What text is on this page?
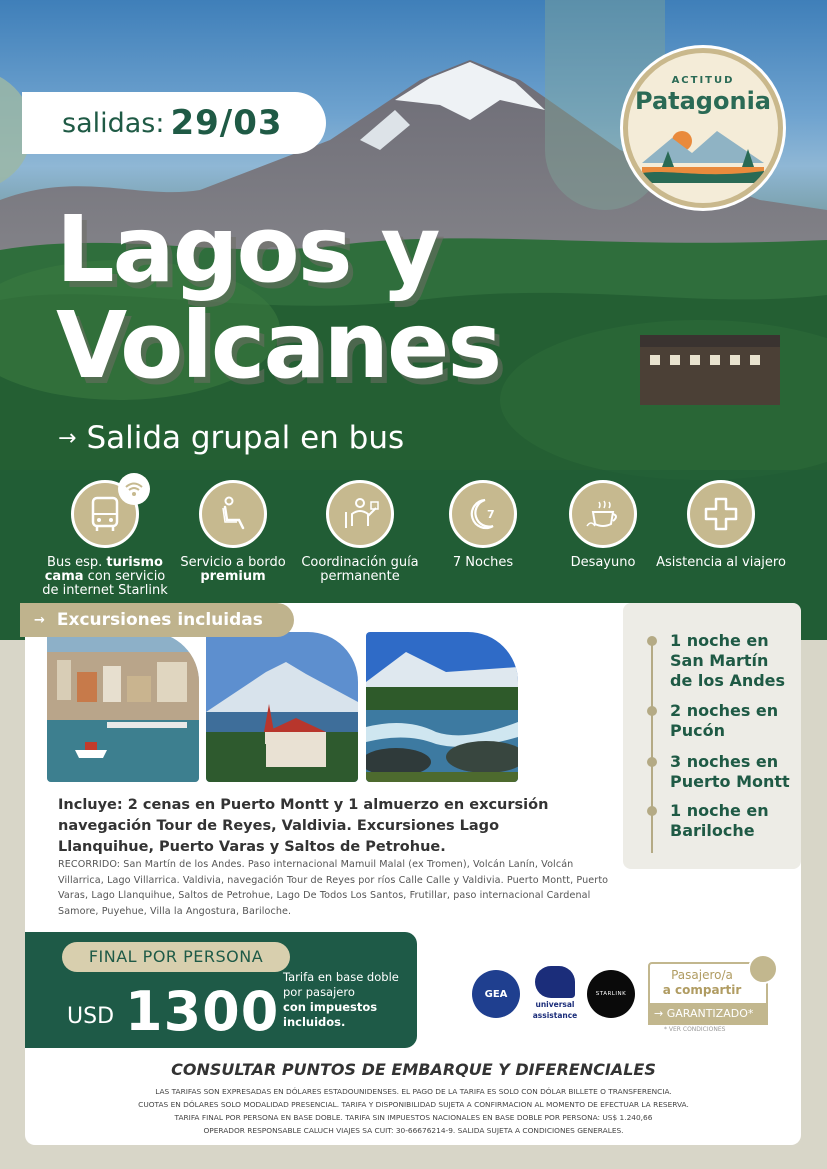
salidas: 29/03
ACTITUD
Patagonia
Lagos y
Volcanes
→ Salida grupal en bus
Bus esp. turismo cama con servicio de internet Starlink
Servicio a bordo
premium
Coordinación guía permanente
7
7 Noches	Desayuno	Asistencia al viajero
→ Excursiones incluidas
1 noche en San Martín de los Andes
2 noches en Pucón
3 noches en Puerto Montt
1 noche en Bariloche
Incluye: 2 cenas en Puerto Montt y 1 almuerzo en excursión navegación Tour de Reyes, Valdivia. Excursiones Lago Llanquihue, Puerto Varas y Saltos de Petrohue.
RECORRIDO: San Martín de los Andes. Paso internacional Mamuil Malal (ex Tromen), Volcán Lanín, Volcán Villarrica, Lago Villarrica. Valdivia, navegación Tour de Reyes por ríos Calle Calle y Valdivia. Puerto Montt, Puerto Varas, Lago Llanquihue, Saltos de Petrohue, Lago De Todos Los Santos, Frutillar, paso internacional Cardenal Samore, Puyehue, Villa la Angostura, Bariloche.
FINAL POR PERSONA
USD 1300
Tarifa en base doble por pasajero
con impuestos incluidos.
GEA
universal
assistance
STARLINK
Pasajero/a
a compartir
→ GARANTIZADO*
* VER CONDICIONES
CONSULTAR PUNTOS DE EMBARQUE Y DIFERENCIALES
LAS TARIFAS SON EXPRESADAS EN DÓLARES ESTADOUNIDENSES. EL PAGO DE LA TARIFA ES SOLO CON DÓLAR BILLETE O TRANSFERENCIA.
CUOTAS EN DÓLARES SOLO MODALIDAD PRESENCIAL. TARIFA Y DISPONIBILIDAD SUJETA A CONFIRMACION AL MOMENTO DE EFECTUAR LA RESERVA.
TARIFA FINAL POR PERSONA EN BASE DOBLE. TARIFA SIN IMPUESTOS NACIONALES EN BASE DOBLE POR PERSONA: US$ 1.240,66
OPERADOR RESPONSABLE CALUCH VIAJES SA CUIT: 30-66676214-9. SALIDA SUJETA A CONDICIONES GENERALES.
